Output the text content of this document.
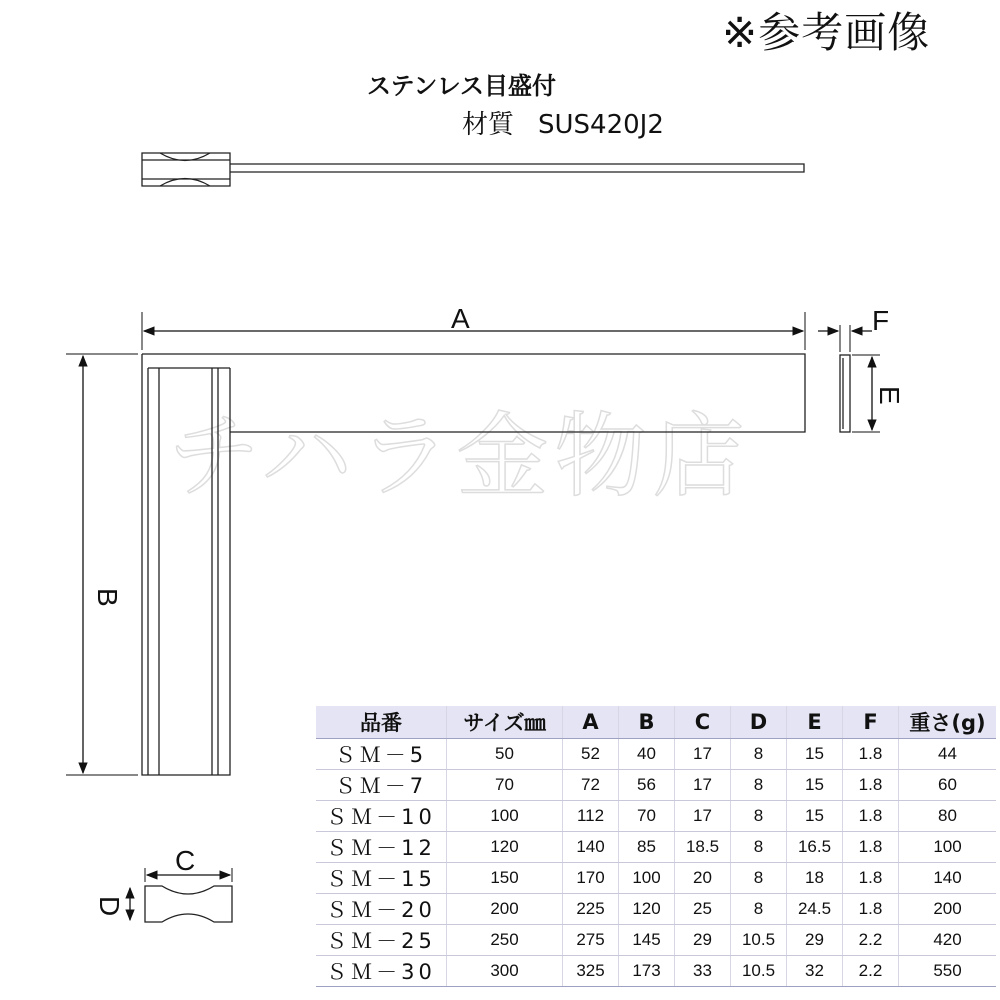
※参考画像
ステンレス目盛付
材質 SUS420J2
チハラ金物店
A
B
F
E
C
D
品番	サイズ㎜	A	B	C	D	E	F	重さ(g)
ＳＭ－5	50	52	40	17	8	15	1.8	44
ＳＭ－7	70	72	56	17	8	15	1.8	60
ＳＭ－10	100	112	70	17	8	15	1.8	80
ＳＭ－12	120	140	85	18.5	8	16.5	1.8	100
ＳＭ－15	150	170	100	20	8	18	1.8	140
ＳＭ－20	200	225	120	25	8	24.5	1.8	200
ＳＭ－25	250	275	145	29	10.5	29	2.2	420
ＳＭ－30	300	325	173	33	10.5	32	2.2	550
